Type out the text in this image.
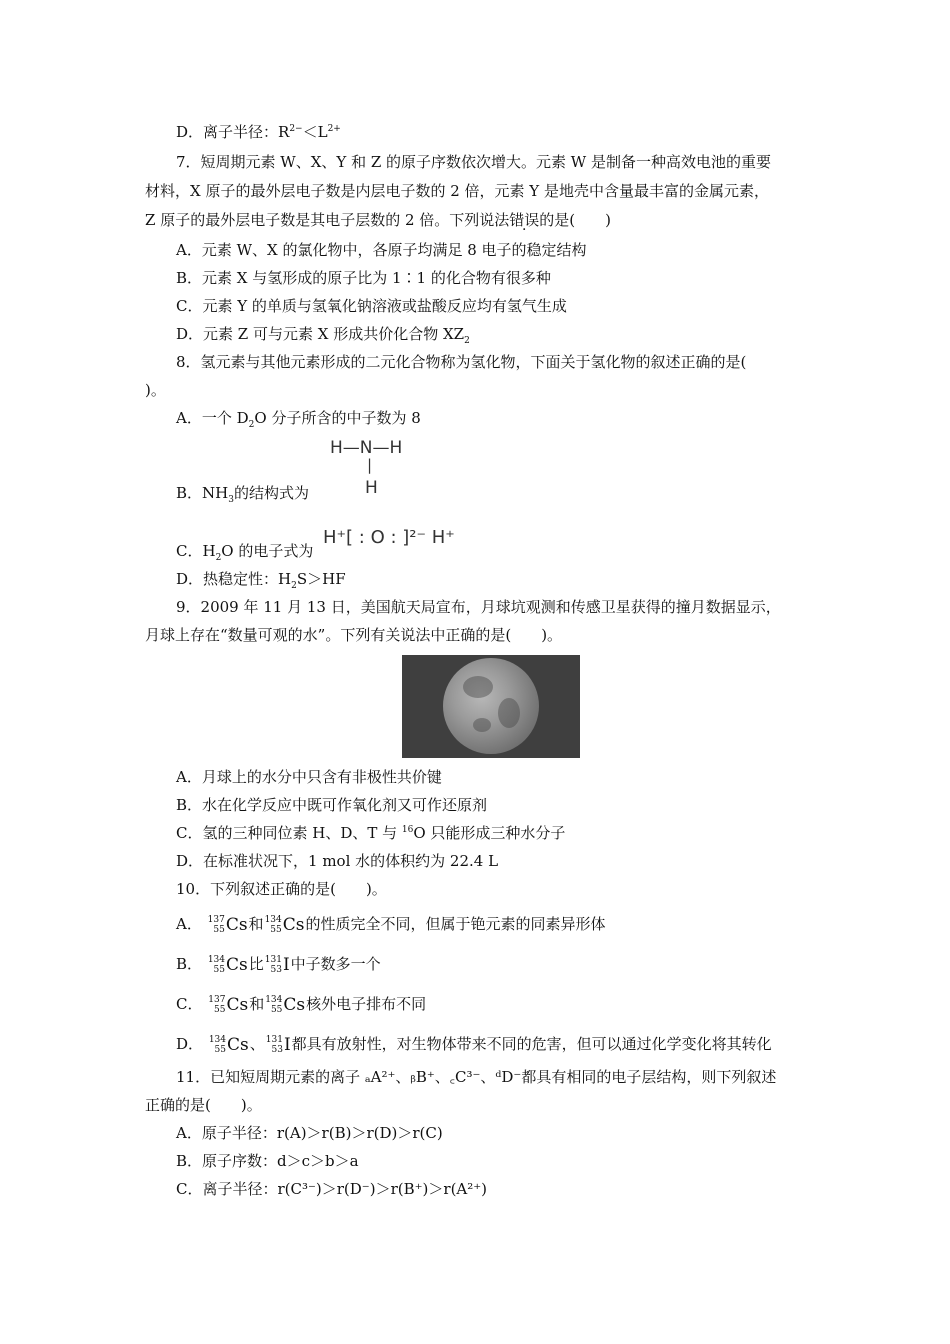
D．离子半径：$R^{2-}<L^{2+}$
7．短周期元素 W、X、Y 和 Z 的原子序数依次增大。元素 W 是制备一种高效电池的重要
材料，X 原子的最外层电子数是内层电子数的 2 倍，元素 Y 是地壳中含量最丰富的金属元素，
Z 原子的最外层电子数是其电子层数的 2 倍。下列说法错误的是(　　)
A．元素 W、X 的氯化物中，各原子均满足 8 电子的稳定结构
B．元素 X 与氢形成的原子比为 1∶1 的化合物有很多种
C．元素 Y 的单质与氢氧化钠溶液或盐酸反应均有氢气生成
D．元素 Z 可与元素 X 形成共价化合物 $XZ_2$
8．氢元素与其他元素形成的二元化合物称为氢化物，下面关于氢化物的叙述正确的是(
)。
A．一个 $D_2O$ 分子所含的中子数为 8
H—N—H
|
H
B．$NH_3$的结构式为
H⁺[ : O : ]²⁻ H⁺
C．$H_2O$ 的电子式为
D．热稳定性：$H_2S>HF$
9．2009 年 11 月 13 日，美国航天局宣布，月球坑观测和传感卫星获得的撞月数据显示，
月球上存在“数量可观的水”。下列有关说法中正确的是(　　)。
A．月球上的水分中只含有非极性共价键
B．水在化学反应中既可作氧化剂又可作还原剂
C．氢的三种同位素 H、D、T 与 $^{16}$O 只能形成三种水分子
D．在标准状况下，1 mol 水的体积约为 22.4 L
10．下列叙述正确的是(　　)。
A． 137
55 Cs 和 134
55 Cs 的性质完全不同，但属于铯元素的同素异形体
B． 134
55 Cs 比 131
53 I 中子数多一个
C． 137
55 Cs 和 134
55 Cs 核外电子排布不同
D． 134
55 Cs 、 131
53 I 都具有放射性，对生物体带来不同的危害，但可以通过化学变化将其转化
11．已知短周期元素的离子 ₐA²⁺、ᵦB⁺、꜀C³⁻、ᵈD⁻都具有相同的电子层结构，则下列叙述
正确的是(　　)。
A．原子半径：r(A)＞r(B)＞r(D)＞r(C)
B．原子序数：d＞c＞b＞a
C．离子半径：r(C³⁻)＞r(D⁻)＞r(B⁺)＞r(A²⁺)
